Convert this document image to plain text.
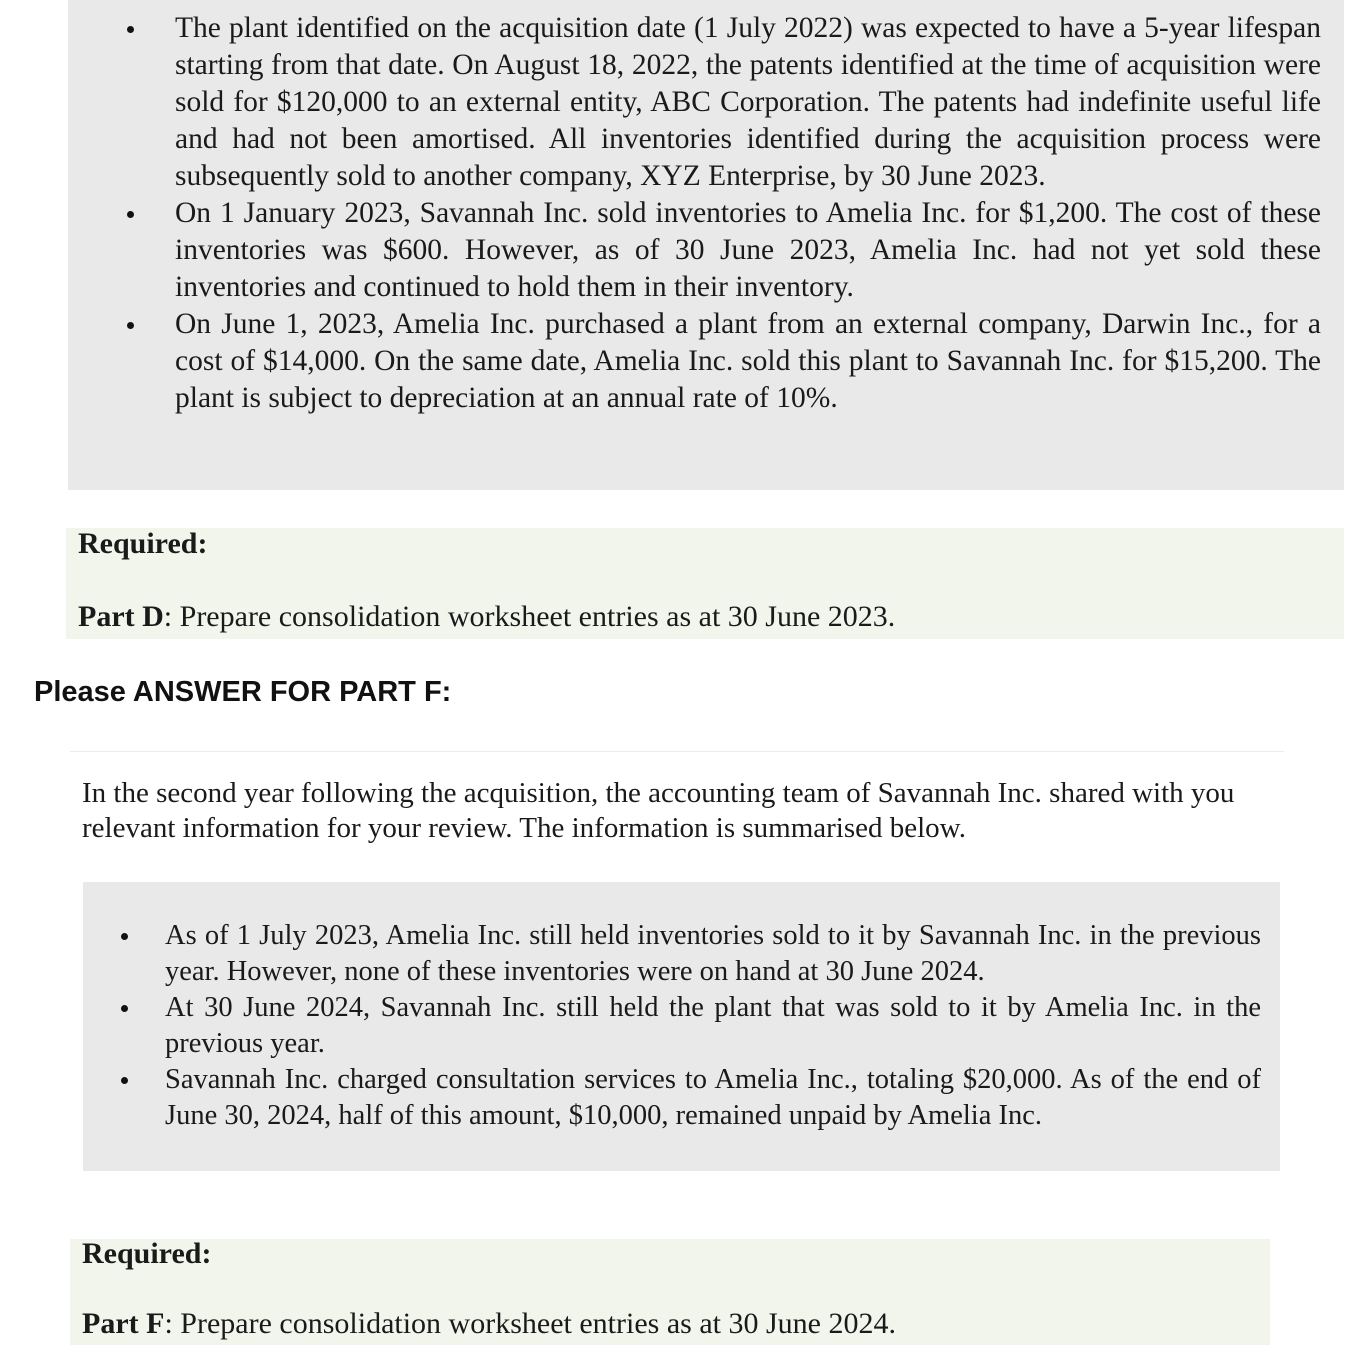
The plant identified on the acquisition date (1 July 2022) was expected to have a 5-year lifespan starting from that date. On August 18, 2022, the patents identified at the time of acquisition were sold for $120,000 to an external entity, ABC Corporation. The patents had indefinite useful life and had not been amortised. All inventories identified during the acquisition process were subsequently sold to another company, XYZ Enterprise, by 30 June 2023.
On 1 January 2023, Savannah Inc. sold inventories to Amelia Inc. for $1,200. The cost of these inventories was $600. However, as of 30 June 2023, Amelia Inc. had not yet sold these inventories and continued to hold them in their inventory.
On June 1, 2023, Amelia Inc. purchased a plant from an external company, Darwin Inc., for a cost of $14,000. On the same date, Amelia Inc. sold this plant to Savannah Inc. for $15,200. The plant is subject to depreciation at an annual rate of 10%.
Required:
Part D: Prepare consolidation worksheet entries as at 30 June 2023.
Please ANSWER FOR PART F:
In the second year following the acquisition, the accounting team of Savannah Inc. shared with you relevant information for your review. The information is summarised below.
As of 1 July 2023, Amelia Inc. still held inventories sold to it by Savannah Inc. in the previous year. However, none of these inventories were on hand at 30 June 2024.
At 30 June 2024, Savannah Inc. still held the plant that was sold to it by Amelia Inc. in the previous year.
Savannah Inc. charged consultation services to Amelia Inc., totaling $20,000. As of the end of June 30, 2024, half of this amount, $10,000, remained unpaid by Amelia Inc.
Required:
Part F: Prepare consolidation worksheet entries as at 30 June 2024.
